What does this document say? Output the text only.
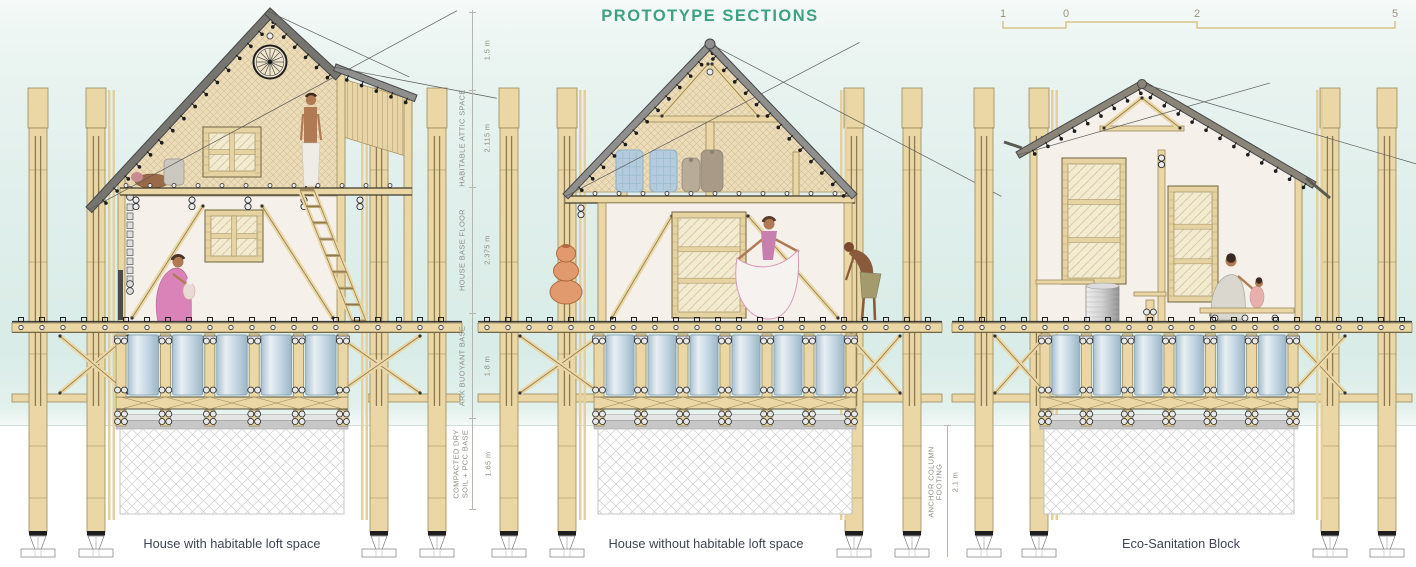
PROTOTYPE SECTIONS	1	0	2	5
1.5 m
HABITABLE ATTIC SPACE 2.115 m
HOUSE BASE FLOOR 2.375 m
ARK BUOYANT BASE 1.8 m
COMPACTED DRY SOIL + PCC BASE 1.65 m	ANCHOR COLUMN FOOTING 2.1 m
House with habitable loft space	House without habitable loft space	Eco-Sanitation Block
